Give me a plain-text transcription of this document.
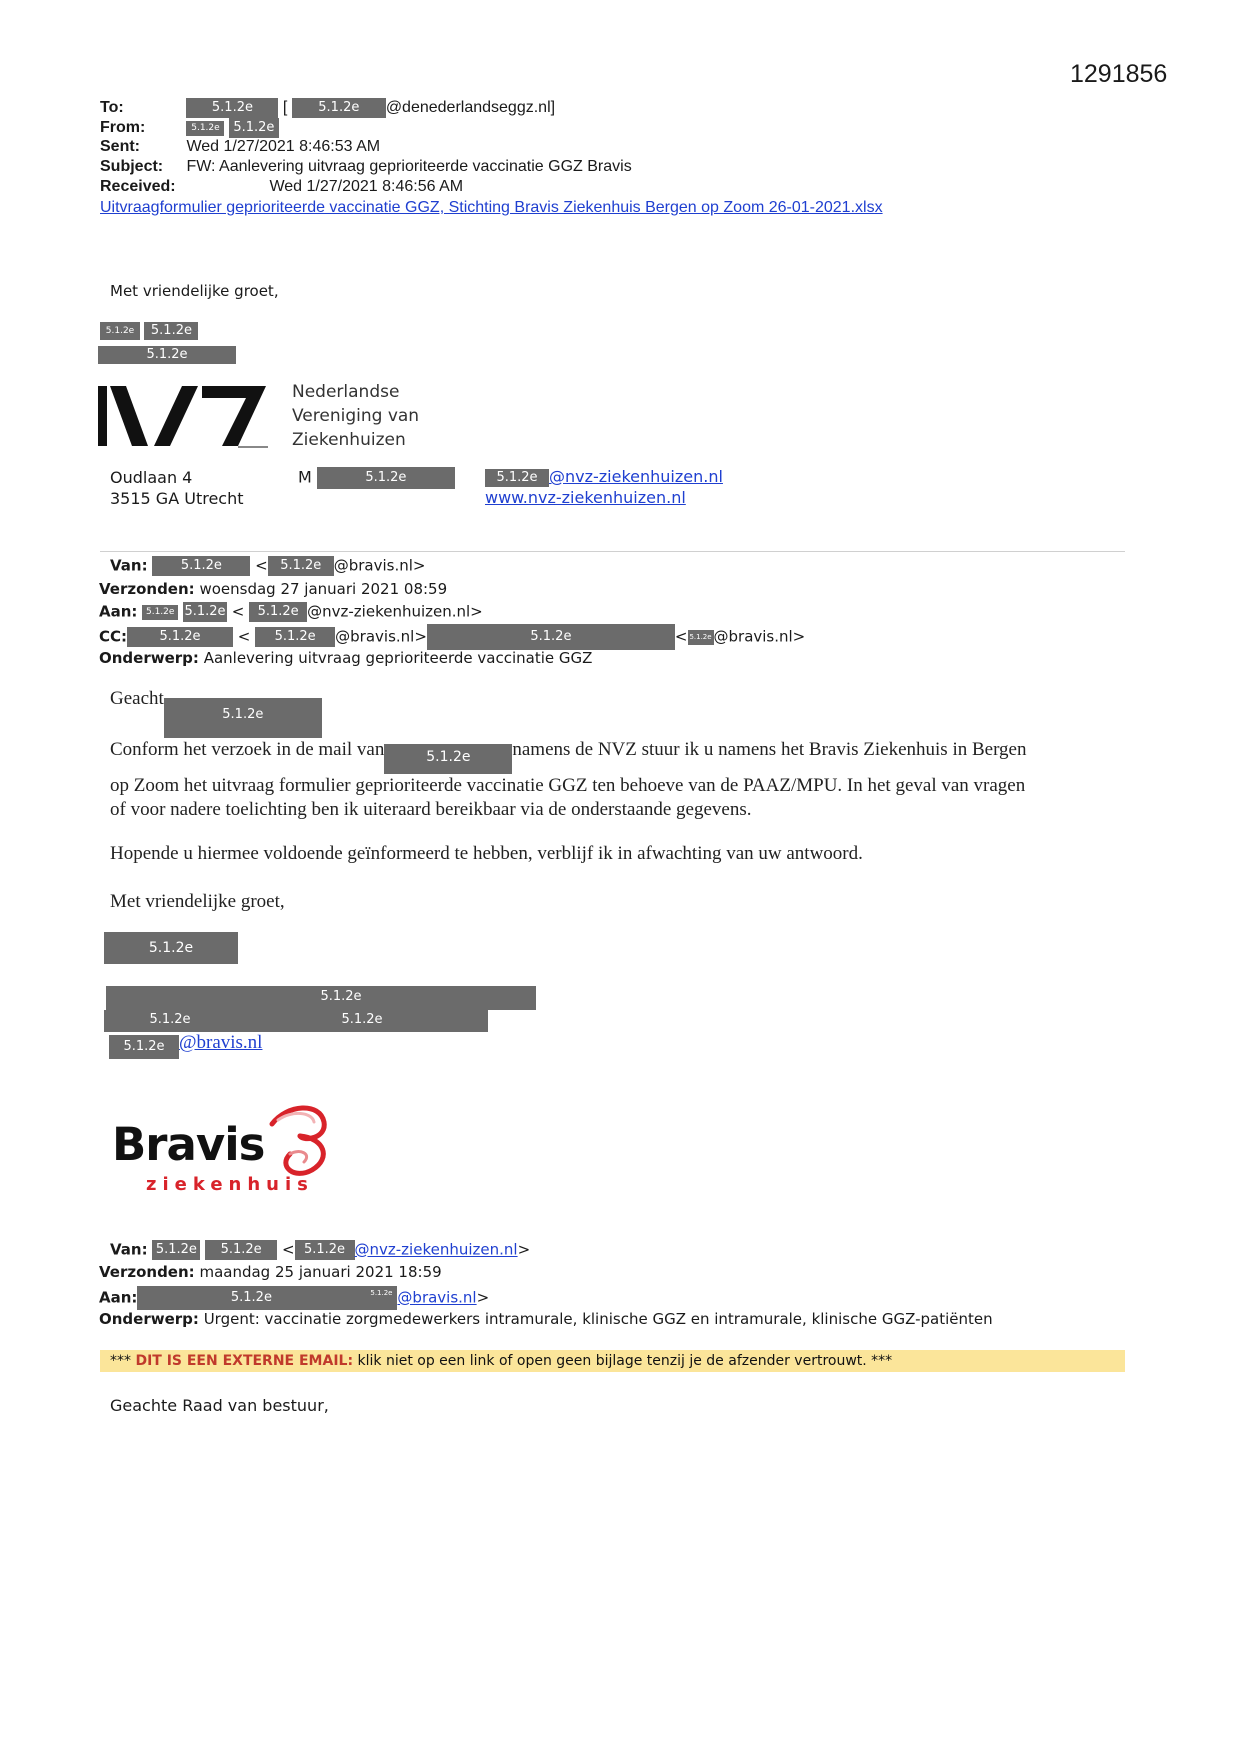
1291856
To:	5.1.2e [ 5.1.2e @denederlandseggz.nl]
From:	5.1.2e 5.1.2e
Sent:	Wed 1/27/2021 8:46:53 AM
Subject: FW: Aanlevering uitvraag geprioriteerde vaccinatie GGZ Bravis
Received:	Wed 1/27/2021 8:46:56 AM
Uitvraagformulier geprioriteerde vaccinatie GGZ, Stichting Bravis Ziekenhuis Bergen op Zoom 26-01-2021.xlsx
Met vriendelijke groet,
5.1.2e 5.1.2e
5.1.2e
Nederlandse
Vereniging van
Ziekenhuizen
Oudlaan 4
3515 GA Utrecht
M	5.1.2e	5.1.2e @nvz-ziekenhuizen.nl
www.nvz-ziekenhuizen.nl
Van:	5.1.2e < 5.1.2e @bravis.nl>
Verzonden: woensdag 27 januari 2021 08:59
Aan: 5.1.2e 5.1.2e < 5.1.2e @nvz-ziekenhuizen.nl>
CC: 5.1.2e < 5.1.2e @bravis.nl>	5.1.2e	< 5.1.2e @bravis.nl>
Onderwerp: Aanlevering uitvraag geprioriteerde vaccinatie GGZ
Geacht5.1.2e
Conform het verzoek in de mail van	5.1.2e namens de NVZ stuur ik u namens het Bravis Ziekenhuis in Bergen
op Zoom het uitvraag formulier geprioriteerde vaccinatie GGZ ten behoeve van de PAAZ/MPU. In het geval van vragen
of voor nadere toelichting ben ik uiteraard bereikbaar via de onderstaande gegevens.
Hopende u hiermee voldoende geïnformeerd te hebben, verblijf ik in afwachting van uw antwoord.
Met vriendelijke groet,
5.1.2e
5.1.2e
5.1.2e	5.1.2e
5.1.2e @bravis.nl
Bravis
ziekenhuis
Van: 5.1.2e 5.1.2e < 5.1.2e @nvz-ziekenhuizen.nl>
Verzonden: maandag 25 januari 2021 18:59
Aan:	5.1.2e	5.1.2e @bravis.nl>
Onderwerp: Urgent: vaccinatie zorgmedewerkers intramurale, klinische GGZ en intramurale, klinische GGZ-patiënten
*** DIT IS EEN EXTERNE EMAIL: klik niet op een link of open geen bijlage tenzij je de afzender vertrouwt. ***
Geachte Raad van bestuur,
